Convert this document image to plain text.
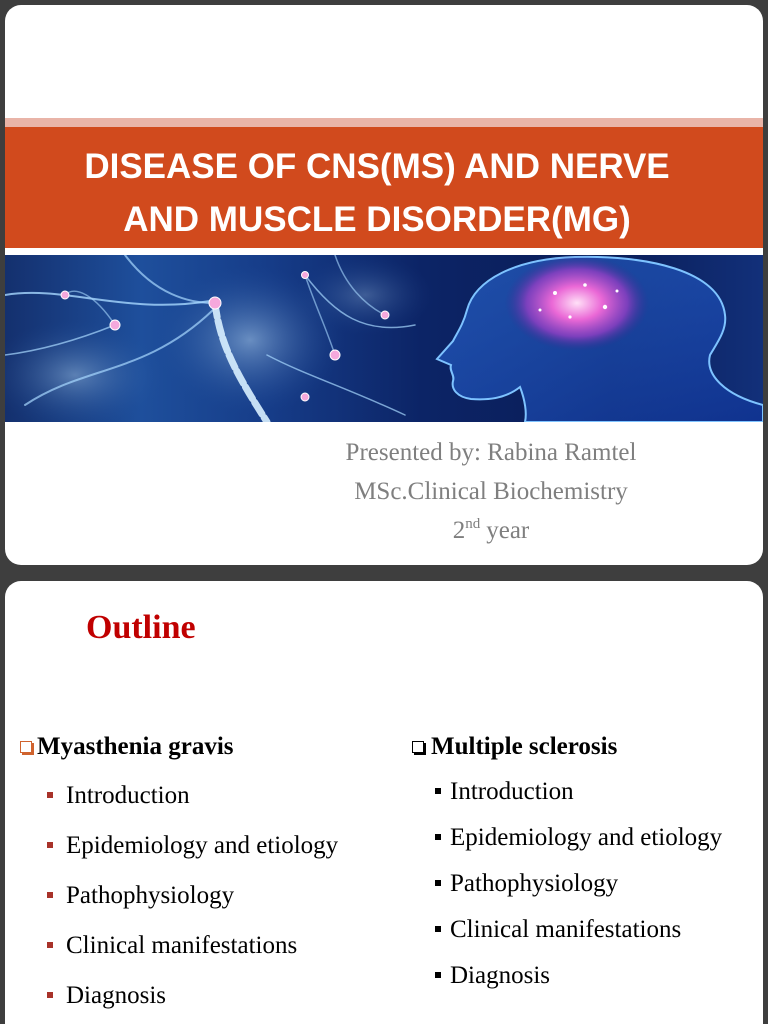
DISEASE OF CNS(MS) AND NERVE
AND MUSCLE DISORDER(MG)
Presented by: Rabina Ramtel
MSc.Clinical Biochemistry
2nd year
Outline
Myasthenia gravis
Introduction
Epidemiology and etiology
Pathophysiology
Clinical manifestations
Diagnosis
Multiple sclerosis
Introduction
Epidemiology and etiology
Pathophysiology
Clinical manifestations
Diagnosis
